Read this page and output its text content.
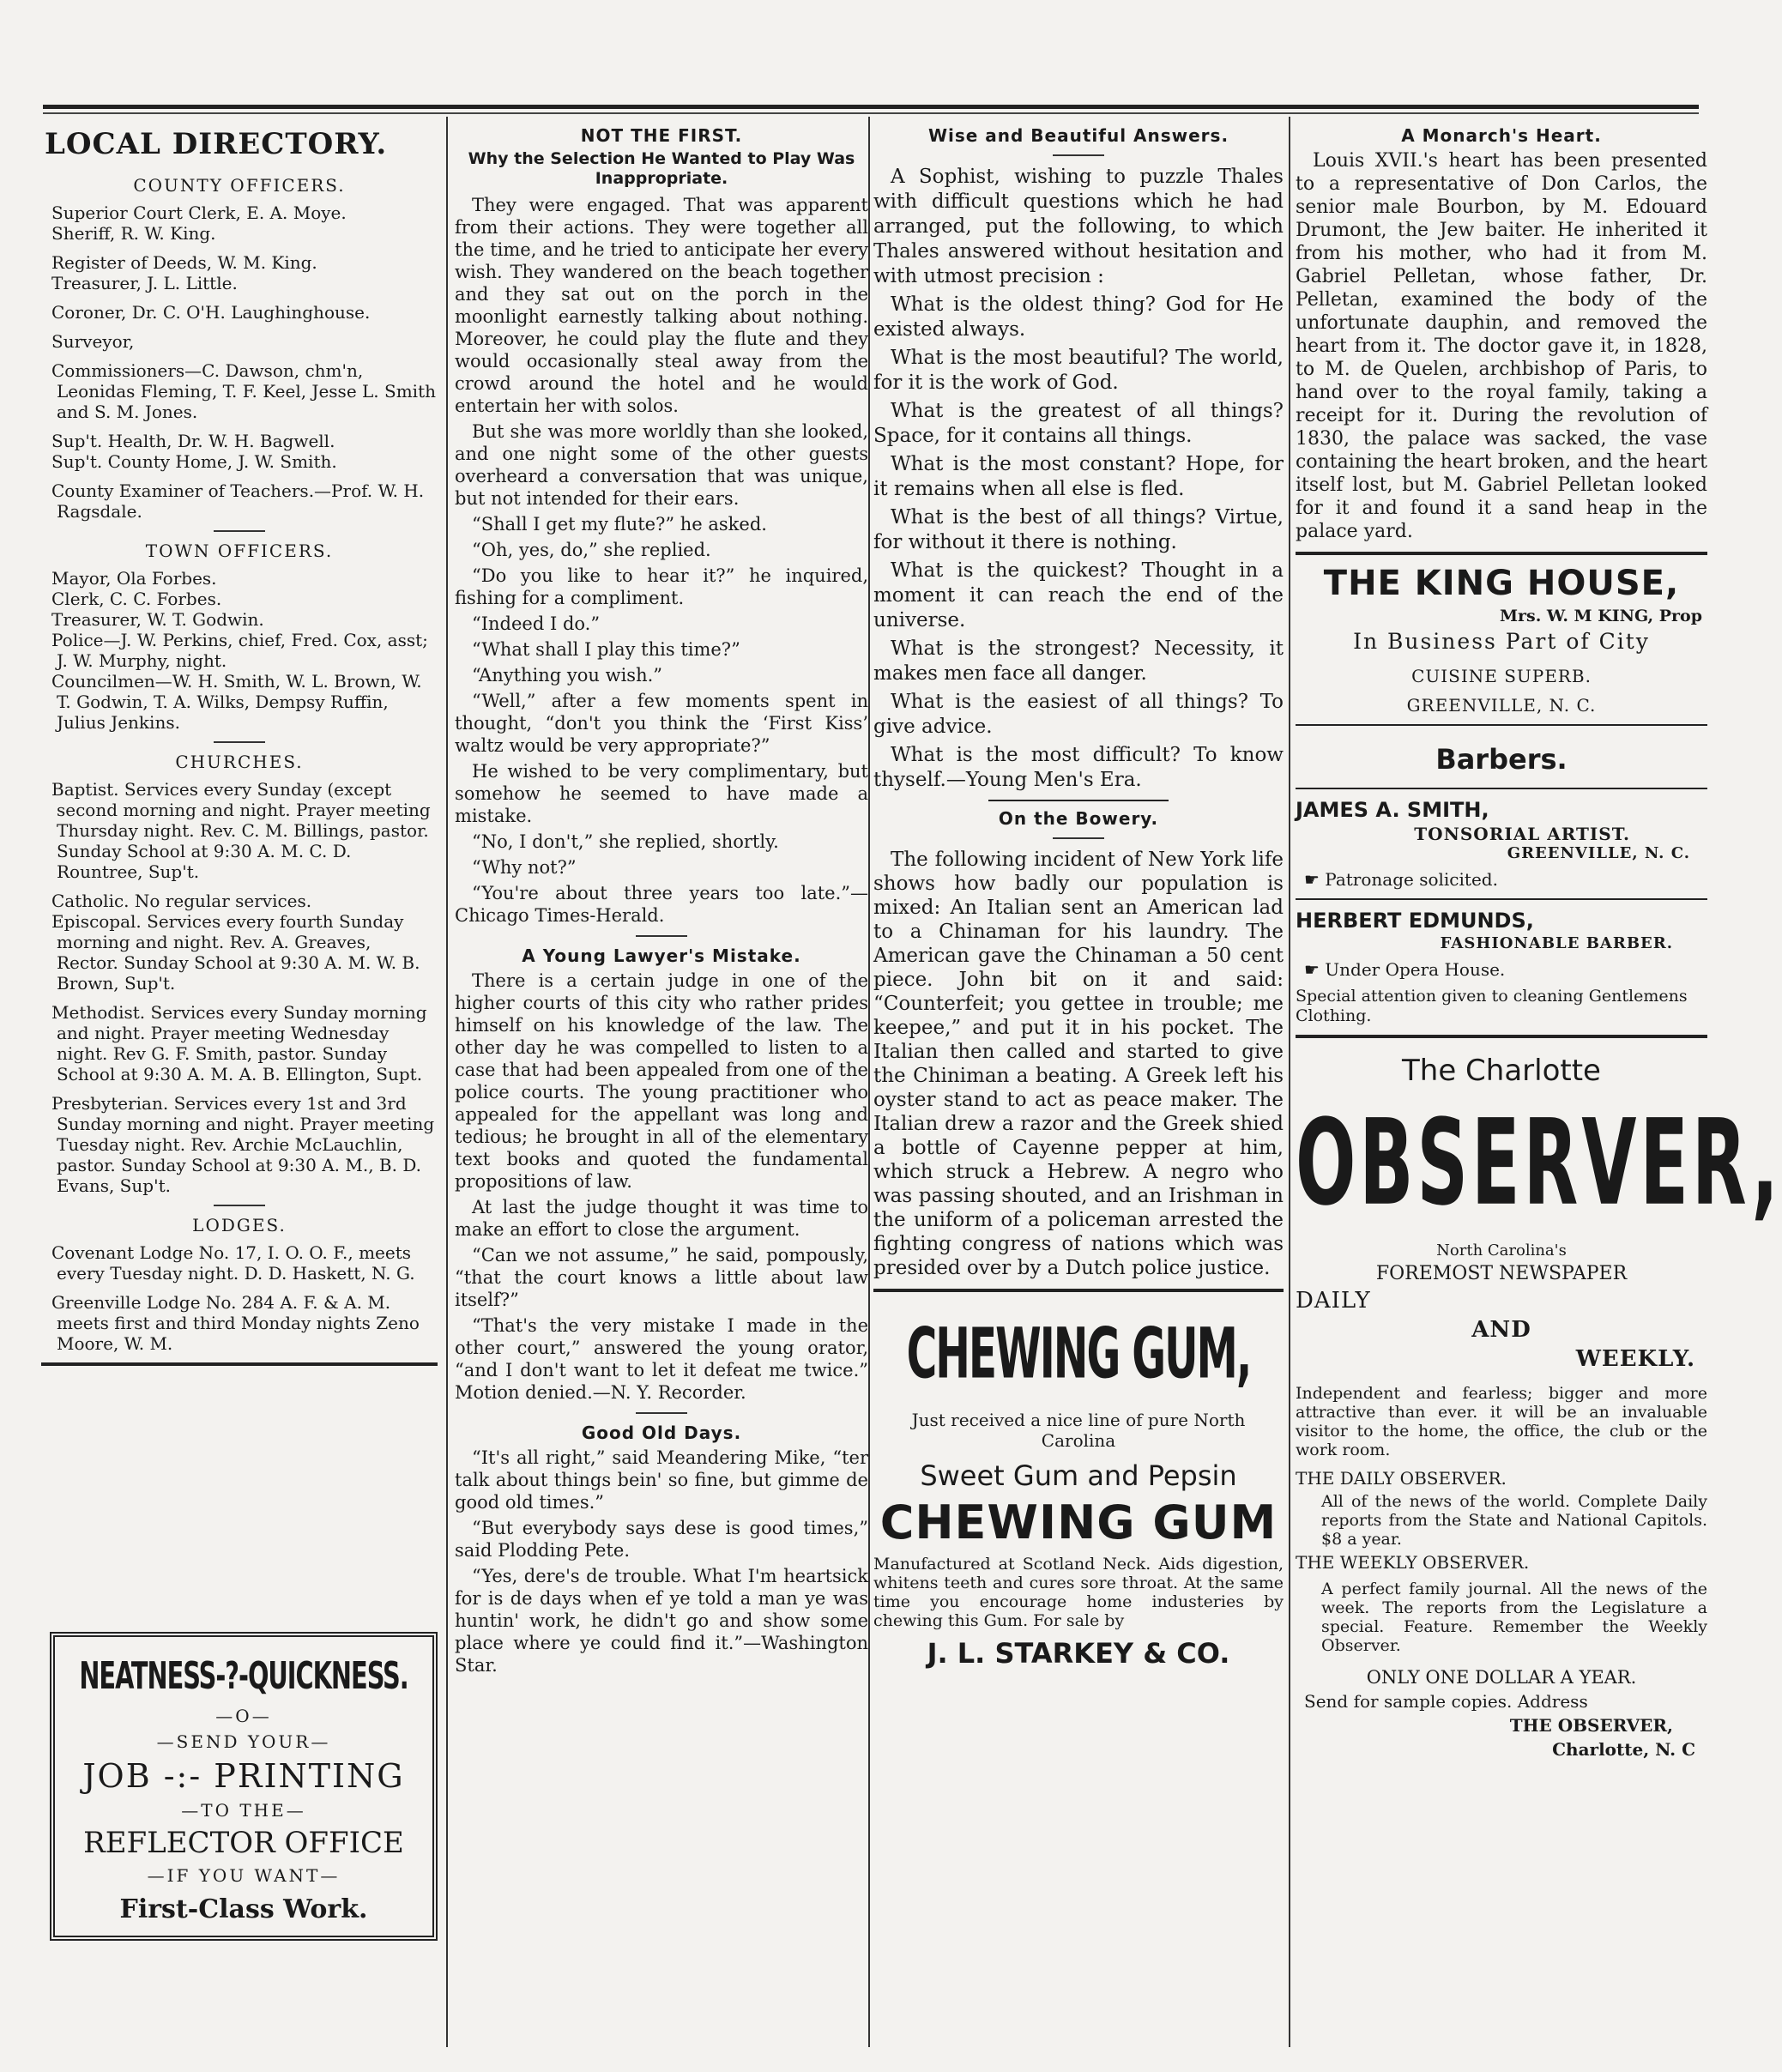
LOCAL DIRECTORY.
COUNTY OFFICERS.
Superior Court Clerk, E. A. Moye.
Sheriff, R. W. King.
Register of Deeds, W. M. King.
Treasurer, J. L. Little.
Coroner, Dr. C. O'H. Laughinghouse.
Surveyor,
Commissioners—C. Dawson, chm'n, Leonidas Fleming, T. F. Keel, Jesse L. Smith and S. M. Jones.
Sup't. Health, Dr. W. H. Bagwell.
Sup't. County Home, J. W. Smith.
County Examiner of Teachers.—Prof. W. H. Ragsdale.
TOWN OFFICERS.
Mayor, Ola Forbes.
Clerk, C. C. Forbes.
Treasurer, W. T. Godwin.
Police—J. W. Perkins, chief, Fred. Cox, asst; J. W. Murphy, night.
Councilmen—W. H. Smith, W. L. Brown, W. T. Godwin, T. A. Wilks, Dempsy Ruffin, Julius Jenkins.
CHURCHES.
Baptist. Services every Sunday (except second morning and night. Prayer meeting Thursday night. Rev. C. M. Billings, pastor. Sunday School at 9:30 A. M. C. D. Rountree, Sup't.
Catholic. No regular services.
Episcopal. Services every fourth Sunday morning and night. Rev. A. Greaves, Rector. Sunday School at 9:30 A. M. W. B. Brown, Sup't.
Methodist. Services every Sunday morning and night. Prayer meeting Wednesday night. Rev G. F. Smith, pastor. Sunday School at 9:30 A. M. A. B. Ellington, Supt.
Presbyterian. Services every 1st and 3rd Sunday morning and night. Prayer meeting Tuesday night. Rev. Archie McLauchlin, pastor. Sunday School at 9:30 A. M., B. D. Evans, Sup't.
LODGES.
Covenant Lodge No. 17, I. O. O. F., meets every Tuesday night. D. D. Haskett, N. G.
Greenville Lodge No. 284 A. F. & A. M. meets first and third Monday nights Zeno Moore, W. M.
NEATNESS-?-QUICKNESS.
—O—
—SEND YOUR—
JOB -:- PRINTING
—TO THE—
REFLECTOR OFFICE
—IF YOU WANT—
First-Class Work.
NOT THE FIRST.
Why the Selection He Wanted to Play Was Inappropriate.

They were engaged. That was apparent from their actions. They were together all the time, and he tried to anticipate her every wish. They wandered on the beach together and they sat out on the porch in the moonlight earnestly talking about nothing. Moreover, he could play the flute and they would occasionally steal away from the crowd around the hotel and he would entertain her with solos.

But she was more worldly than she looked, and one night some of the other guests overheard a conversation that was unique, but not intended for their ears.

“Shall I get my flute?” he asked.

“Oh, yes, do,” she replied.

“Do you like to hear it?” he inquired, fishing for a compliment.

“Indeed I do.”

“What shall I play this time?”

“Anything you wish.”

“Well,” after a few moments spent in thought, “don't you think the ‘First Kiss’ waltz would be very appropriate?”

He wished to be very complimentary, but somehow he seemed to have made a mistake.

“No, I don't,” she replied, shortly.

“Why not?”

“You're about three years too late.”—Chicago Times-Herald.

A Young Lawyer's Mistake.

There is a certain judge in one of the higher courts of this city who rather prides himself on his knowledge of the law. The other day he was compelled to listen to a case that had been appealed from one of the police courts. The young practitioner who appealed for the appellant was long and tedious; he brought in all of the elementary text books and quoted the fundamental propositions of law.

At last the judge thought it was time to make an effort to close the argument.

“Can we not assume,” he said, pompously, “that the court knows a little about law itself?”

“That's the very mistake I made in the other court,” answered the young orator, “and I don't want to let it defeat me twice.” Motion denied.—N. Y. Recorder.

Good Old Days.

“It's all right,” said Meandering Mike, “ter talk about things bein' so fine, but gimme de good old times.”

“But everybody says dese is good times,” said Plodding Pete.

“Yes, dere's de trouble. What I'm heartsick for is de days when ef ye told a man ye was huntin' work, he didn't go and show some place where ye could find it.”—Washington Star.

Wise and Beautiful Answers.

A Sophist, wishing to puzzle Thales with difficult questions which he had arranged, put the following, to which Thales answered without hesitation and with utmost precision :

What is the oldest thing? God for He existed always.

What is the most beautiful? The world, for it is the work of God.

What is the greatest of all things? Space, for it contains all things.

What is the most constant? Hope, for it remains when all else is fled.

What is the best of all things? Virtue, for without it there is nothing.

What is the quickest? Thought in a moment it can reach the end of the universe.

What is the strongest? Necessity, it makes men face all danger.

What is the easiest of all things? To give advice.

What is the most difficult? To know thyself.—Young Men's Era.

On the Bowery.

The following incident of New York life shows how badly our population is mixed: An Italian sent an American lad to a Chinaman for his laundry. The American gave the Chinaman a 50 cent piece. John bit on it and said: “Counterfeit; you gettee in trouble; me keepee,” and put it in his pocket. The Italian then called and started to give the Chiniman a beating. A Greek left his oyster stand to act as peace maker. The Italian drew a razor and the Greek shied a bottle of Cayenne pepper at him, which struck a Hebrew. A negro who was passing shouted, and an Irishman in the uniform of a policeman arrested the fighting congress of nations which was presided over by a Dutch police justice.

CHEWING GUM,
Just received a nice line of pure North Carolina
Sweet Gum and Pepsin
CHEWING GUM
Manufactured at Scotland Neck. Aids digestion, whitens teeth and cures sore throat. At the same time you encourage home industeries by chewing this Gum. For sale by
J. L. STARKEY & CO.
A Monarch's Heart.

Louis XVII.'s heart has been presented to a representative of Don Carlos, the senior male Bourbon, by M. Edouard Drumont, the Jew baiter. He inherited it from his mother, who had it from M. Gabriel Pelletan, whose father, Dr. Pelletan, examined the body of the unfortunate dauphin, and removed the heart from it. The doctor gave it, in 1828, to M. de Quelen, archbishop of Paris, to hand over to the royal family, taking a receipt for it. During the revolution of 1830, the palace was sacked, the vase containing the heart broken, and the heart itself lost, but M. Gabriel Pelletan looked for it and found it a sand heap in the palace yard.

THE KING HOUSE,
Mrs. W. M KING, Prop
In Business Part of City
CUISINE SUPERB.
GREENVILLE, N. C.
Barbers.
JAMES A. SMITH,
TONSORIAL ARTIST.
GREENVILLE, N. C.
☛ Patronage solicited.
HERBERT EDMUNDS,
FASHIONABLE BARBER.
☛ Under Opera House.
Special attention given to cleaning Gentlemens Clothing.
The Charlotte
OBSERVER,
North Carolina's
FOREMOST NEWSPAPER
DAILY
AND
WEEKLY.
Independent and fearless; bigger and more attractive than ever. it will be an invaluable visitor to the home, the office, the club or the work room.
THE DAILY OBSERVER.
All of the news of the world. Complete Daily reports from the State and National Capitols. $8 a year.
THE WEEKLY OBSERVER.
A perfect family journal. All the news of the week. The reports from the Legislature a special. Feature. Remember the Weekly Observer.
ONLY ONE DOLLAR A YEAR.
Send for sample copies. Address
THE OBSERVER,
Charlotte, N. C
